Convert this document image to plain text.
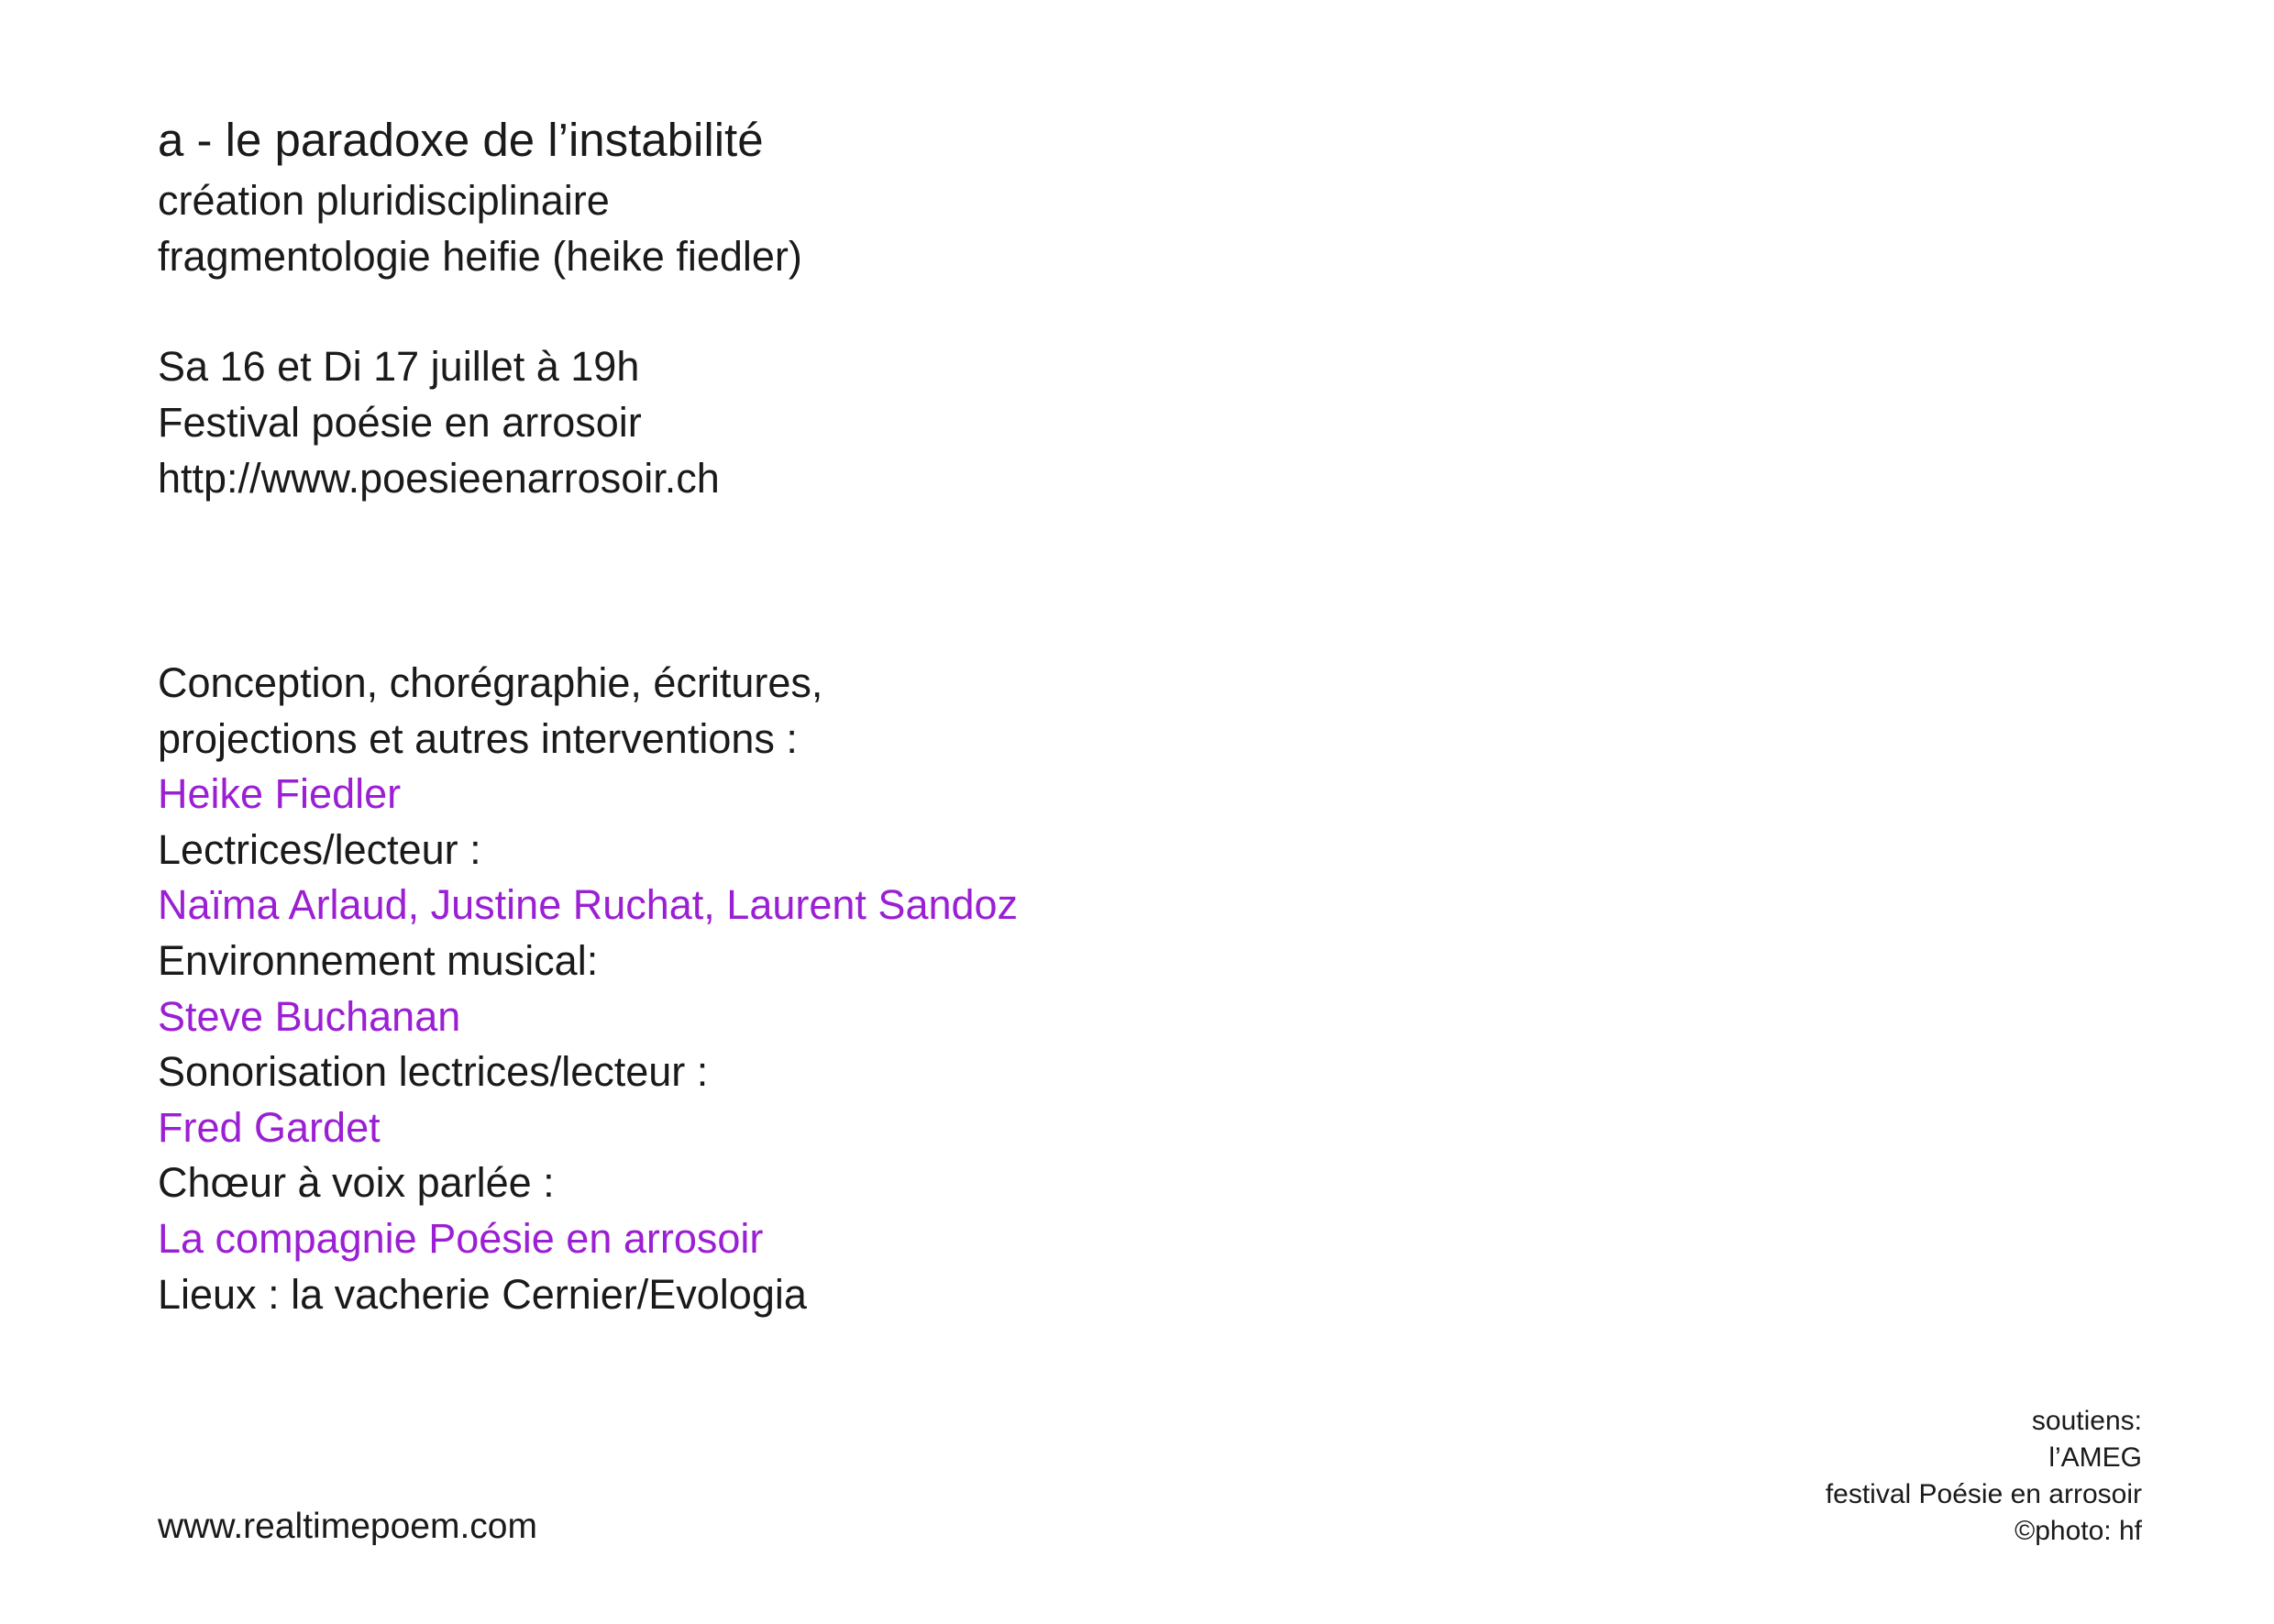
a - le paradoxe de l’instabilité
création pluridisciplinaire
fragmentologie heifie (heike fiedler)
Sa 16 et Di 17 juillet à 19h
Festival poésie en arrosoir
http://www.poesieenarrosoir.ch
Conception, chorégraphie, écritures,
projections et autres interventions :
Heike Fiedler
Lectrices/lecteur :
Naïma Arlaud, Justine Ruchat, Laurent Sandoz
Environnement musical:
Steve Buchanan
Sonorisation lectrices/lecteur :
Fred Gardet
Chœur à voix parlée :
La compagnie Poésie en arrosoir
Lieux : la vacherie Cernier/Evologia
www.realtimepoem.com
soutiens:
l’AMEG
festival Poésie en arrosoir
©photo: hf
